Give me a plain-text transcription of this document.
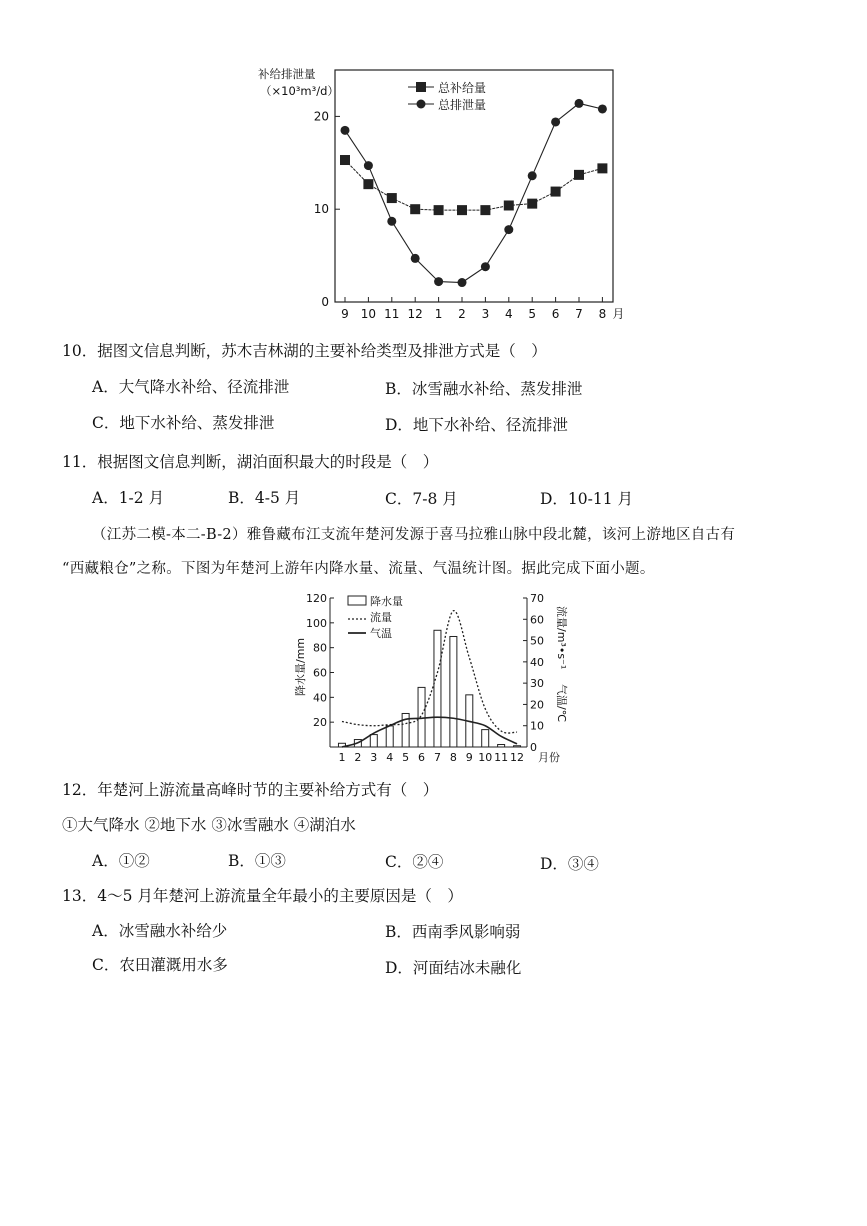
补给排泄量
（×10³m³/d）	总补给量
总排泄量
0
10
20
9 10 11 12 1 2 3 4 5 6 7 8 月
10．据图文信息判断，苏木吉林湖的主要补给类型及排泄方式是（　）
A．大气降水补给、径流排泄	B．冰雪融水补给、蒸发排泄
C．地下水补给、蒸发排泄	D．地下水补给、径流排泄
11．根据图文信息判断，湖泊面积最大的时段是（　）
A．1-2 月	B．4-5 月	C．7-8 月	D．10-11 月
（江苏二模-本二-B-2）雅鲁藏布江支流年楚河发源于喜马拉雅山脉中段北麓，该河上游地区自古有
“西藏粮仓”之称。下图为年楚河上游年内降水量、流量、气温统计图。据此完成下面小题。
降水量/mm	流量/m³•s⁻¹
气温/℃
降水量
流量
气温
20
40
60
80
100
120
0
10
20
30
40
50
60
70
1 2 3 4 5 6 7 8 9 10 11 12 月份
12．年楚河上游流量高峰时节的主要补给方式有（　）
①大气降水 ②地下水 ③冰雪融水 ④湖泊水
A．①②	B．①③	C．②④	D．③④
13．4～5 月年楚河上游流量全年最小的主要原因是（　）
A．冰雪融水补给少	B．西南季风影响弱
C．农田灌溉用水多	D．河面结冰未融化
